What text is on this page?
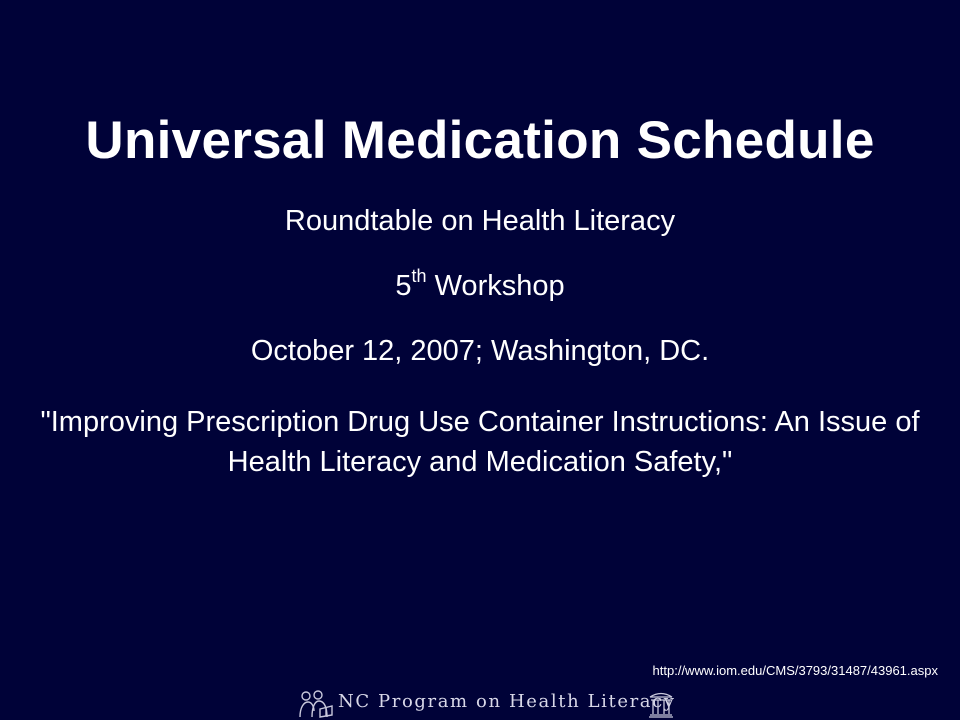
Universal Medication Schedule
Roundtable on Health Literacy
5th Workshop
October 12, 2007; Washington, DC.
"Improving Prescription Drug Use Container Instructions: An Issue of Health Literacy and Medication Safety,"
http://www.iom.edu/CMS/3793/31487/43961.aspx
NC Program on Health Literacy
